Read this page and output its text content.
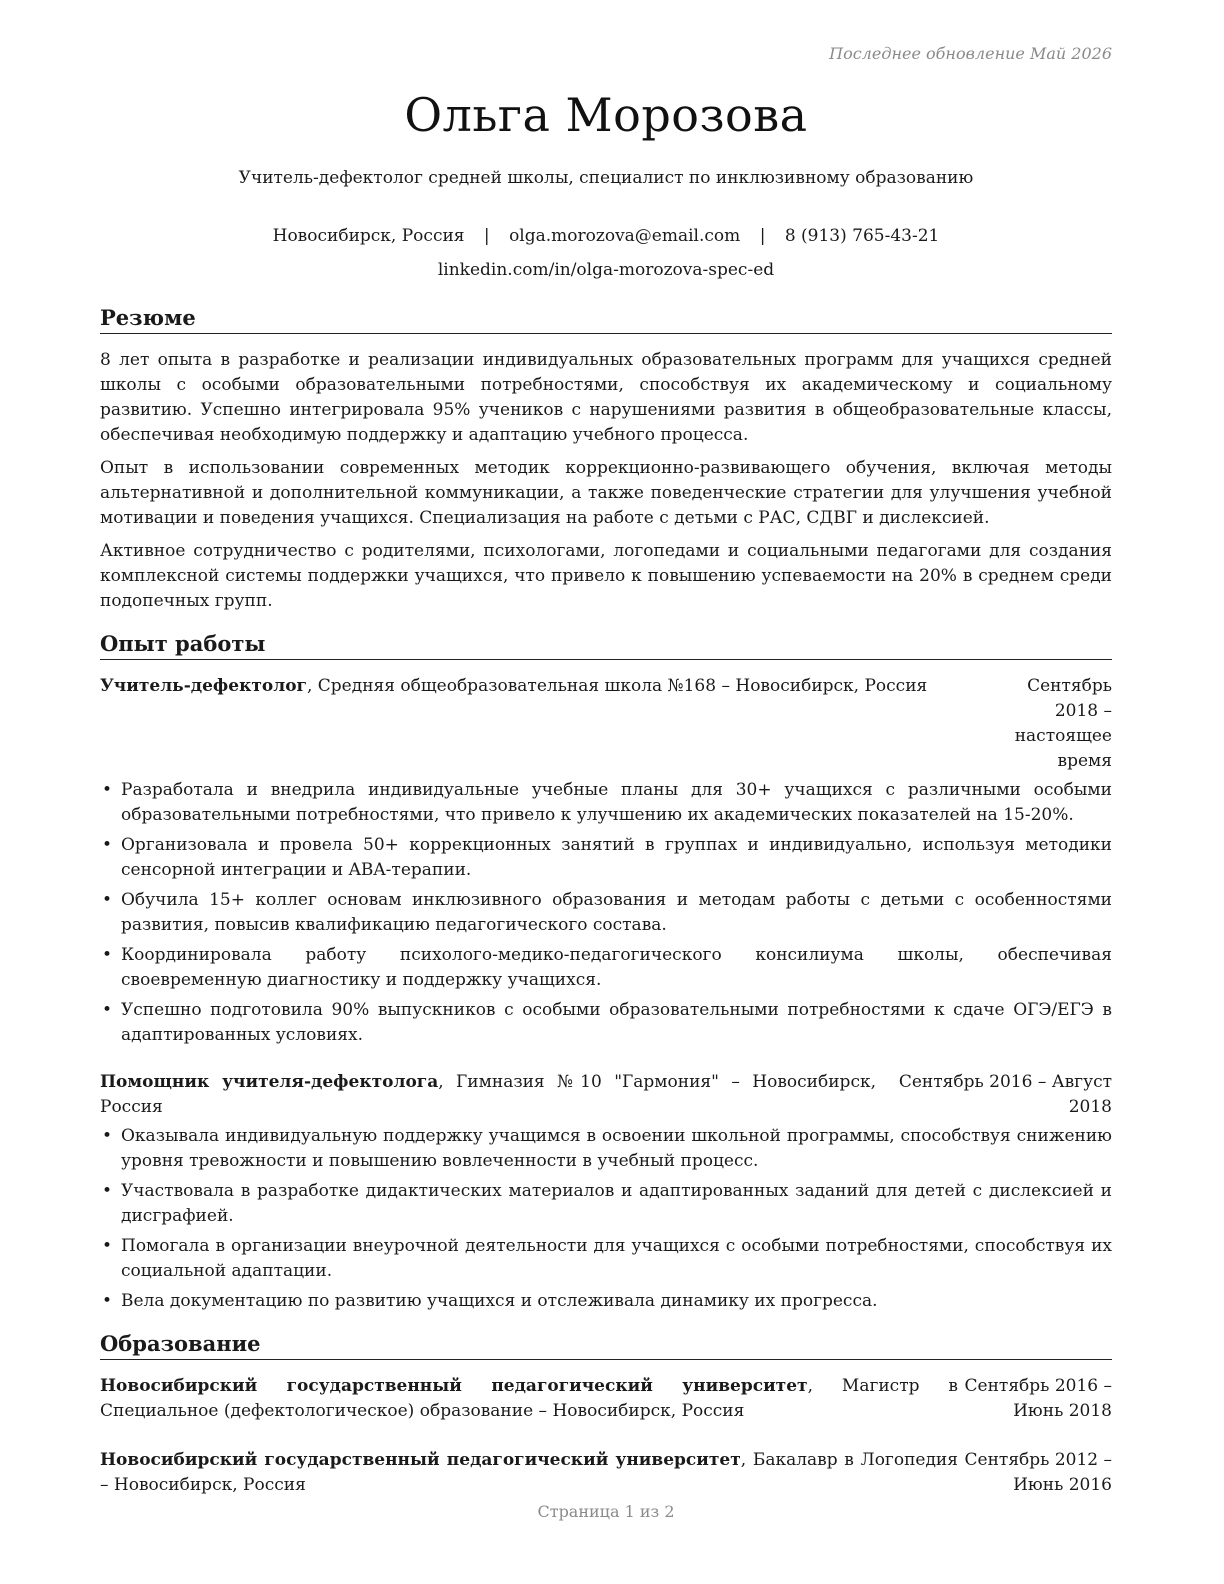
Последнее обновление Май 2026
Ольга Морозова
Учитель-дефектолог средней школы, специалист по инклюзивному образованию
Новосибирск, Россия | olga.morozova@email.com | 8 (913) 765-43-21
linkedin.com/in/olga-morozova-spec-ed
Резюме

8 лет опыта в разработке и реализации индивидуальных образовательных программ для учащихся средней школы с особыми образовательными потребностями, способствуя их академическому и социальному развитию. Успешно интегрировала 95% учеников с нарушениями развития в общеобразовательные классы, обеспечивая необходимую поддержку и адаптацию учебного процесса.

Опыт в использовании современных методик коррекционно-развивающего обучения, включая методы альтернативной и дополнительной коммуникации, а также поведенческие стратегии для улучшения учебной мотивации и поведения учащихся. Специализация на работе с детьми с РАС, СДВГ и дислексией.

Активное сотрудничество с родителями, психологами, логопедами и социальными педагогами для создания комплексной системы поддержки учащихся, что привело к повышению успеваемости на 20% в среднем среди подопечных групп.

Опыт работы
Учитель-дефектолог, Средняя общеобразовательная школа №168 – Новосибирск, Россия	Сентябрь 2018 – настоящее время
• Разработала и внедрила индивидуальные учебные планы для 30+ учащихся с различными особыми образовательными потребностями, что привело к улучшению их академических показателей на 15-20%.
• Организовала и провела 50+ коррекционных занятий в группах и индивидуально, используя методики сенсорной интеграции и ABA-терапии.
• Обучила 15+ коллег основам инклюзивного образования и методам работы с детьми с особенностями развития, повысив квалификацию педагогического состава.
• Координировала работу психолого-медико-педагогического консилиума школы, обеспечивая своевременную диагностику и поддержку учащихся.
• Успешно подготовила 90% выпускников с особыми образовательными потребностями к сдаче ОГЭ/ЕГЭ в адаптированных условиях.
Помощник учителя-дефектолога, Гимназия №10 "Гармония" – Новосибирск, Россия
Сентябрь 2016 – Август 2018
• Оказывала индивидуальную поддержку учащимся в освоении школьной программы, способствуя снижению уровня тревожности и повышению вовлеченности в учебный процесс.
• Участвовала в разработке дидактических материалов и адаптированных заданий для детей с дислексией и дисграфией.
• Помогала в организации внеурочной деятельности для учащихся с особыми потребностями, способствуя их социальной адаптации.
• Вела документацию по развитию учащихся и отслеживала динамику их прогресса.
Образование
Новосибирский государственный педагогический университет, Магистр в Специальное (дефектологическое) образование – Новосибирск, Россия
Сентябрь 2016 – Июнь 2018
Новосибирский государственный педагогический университет, Бакалавр в Логопедия – Новосибирск, Россия
Сентябрь 2012 – Июнь 2016
Страница 1 из 2
